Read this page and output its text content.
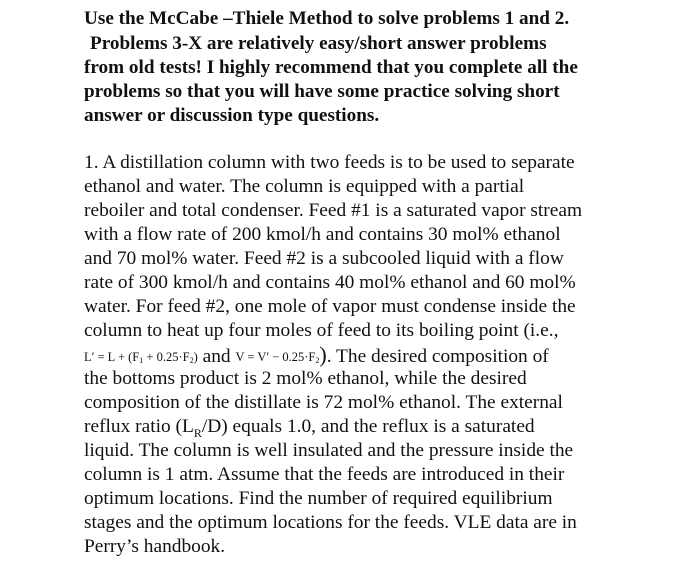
Use the McCabe –Thiele Method to solve problems 1 and 2.
Problems 3-X are relatively easy/short answer problems
from old tests! I highly recommend that you complete all the
problems so that you will have some practice solving short
answer or discussion type questions.
1. A distillation column with two feeds is to be used to separate
ethanol and water. The column is equipped with a partial
reboiler and total condenser. Feed #1 is a saturated vapor stream
with a flow rate of 200 kmol/h and contains 30 mol% ethanol
and 70 mol% water. Feed #2 is a subcooled liquid with a flow
rate of 300 kmol/h and contains 40 mol% ethanol and 60 mol%
water. For feed #2, one mole of vapor must condense inside the
column to heat up four moles of feed to its boiling point (i.e.,
$L' = L + (F_1 + 0.25\cdot F_2)$ and $V = V' - 0.25\cdot F_2$). The desired composition of
the bottoms product is 2 mol% ethanol, while the desired
composition of the distillate is 72 mol% ethanol. The external
reflux ratio $(L_R/D)$ equals 1.0, and the reflux is a saturated
liquid. The column is well insulated and the pressure inside the
column is 1 atm. Assume that the feeds are introduced in their
optimum locations. Find the number of required equilibrium
stages and the optimum locations for the feeds. VLE data are in
Perry’s handbook.
